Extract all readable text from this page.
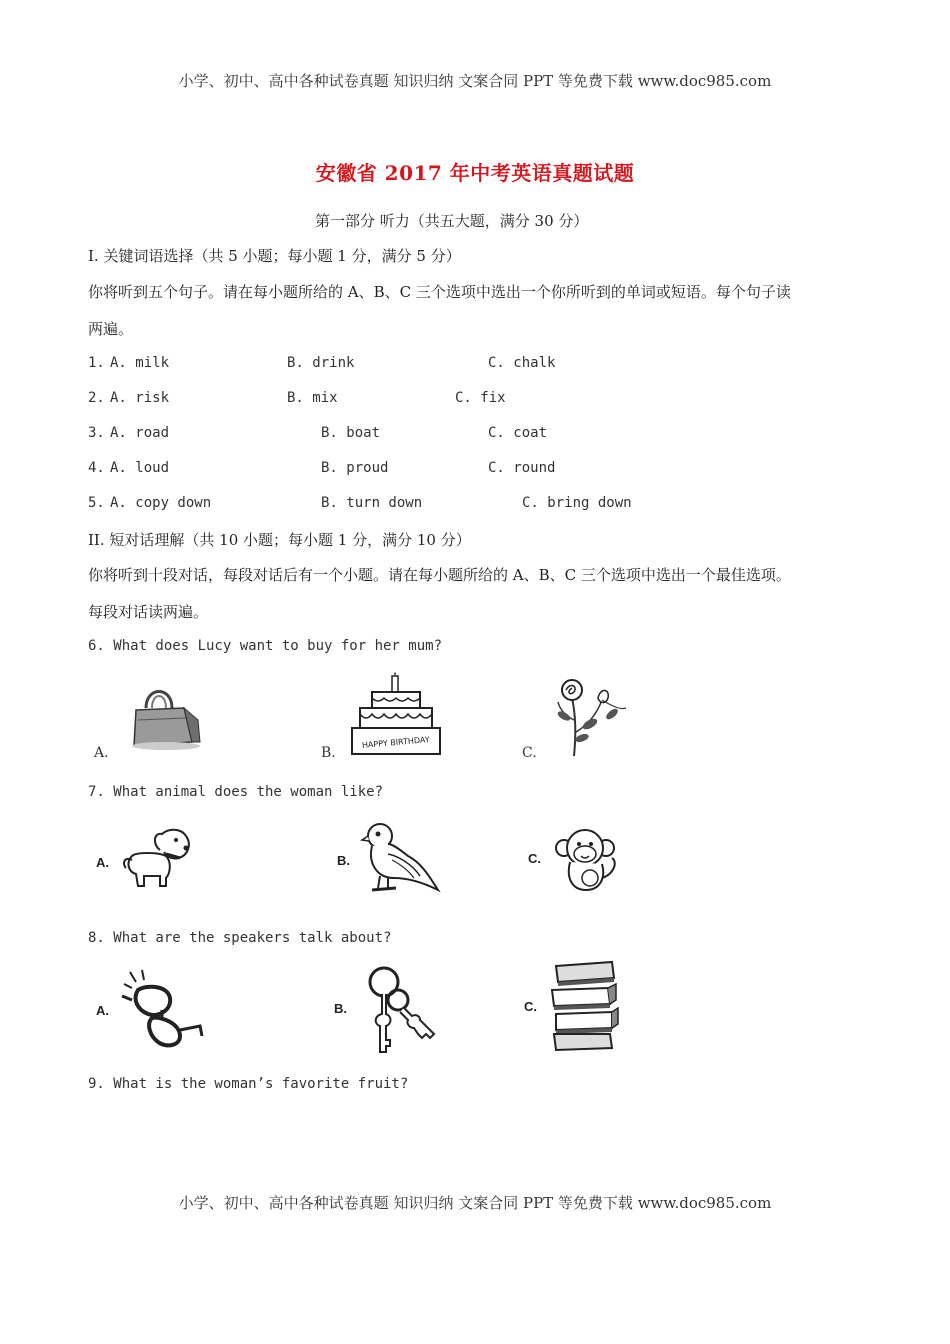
小学、初中、高中各种试卷真题 知识归纳 文案合同 PPT 等免费下载 www.doc985.com
安徽省 2017 年中考英语真题试题
第一部分 听力（共五大题，满分 30 分）
I. 关键词语选择（共 5 小题；每小题 1 分，满分 5 分）
你将听到五个句子。请在每小题所给的 A、B、C 三个选项中选出一个你所听到的单词或短语。每个句子读
两遍。
1. A. milk	B. drink	C. chalk
2. A. risk	B. mix	C. fix
3. A. road	B. boat	C. coat
4. A. loud	B. proud	C. round
5. A. copy down	B. turn down	C. bring down
II. 短对话理解（共 10 小题；每小题 1 分，满分 10 分）
你将听到十段对话，每段对话后有一个小题。请在每小题所给的 A、B、C 三个选项中选出一个最佳选项。
每段对话读两遍。
6. What does Lucy want to buy for her mum?
A.	B.	C.
HAPPY BIRTHDAY
7. What animal does the woman like?
A.	B.	C.
8. What are the speakers talk about?
A.	B.	C.
9. What is the woman’s favorite fruit?
小学、初中、高中各种试卷真题 知识归纳 文案合同 PPT 等免费下载 www.doc985.com
